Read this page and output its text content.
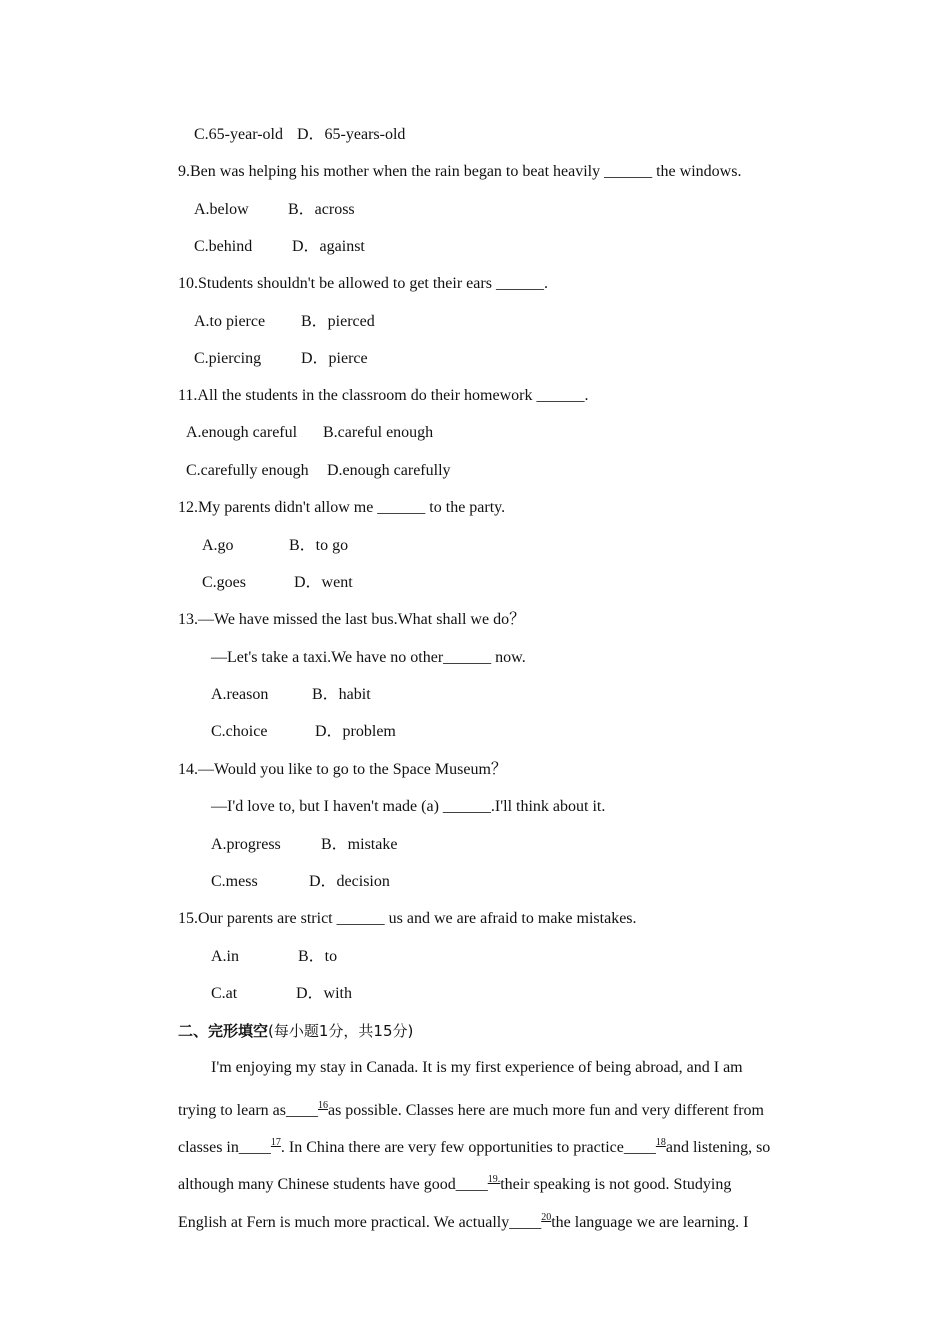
C.65-year-old D．65-years-old
9.Ben was helping his mother when the rain began to beat heavily ______ the windows.
A.below B．across
C.behind D．against
10.Students shouldn't be allowed to get their ears ______.
A.to pierce B．pierced
C.piercing D．pierce
11.All the students in the classroom do their homework ______.
A.enough careful B.careful enough
C.carefully enough D.enough carefully
12.My parents didn't allow me ______ to the party.
A.go	B．to go
C.goes	D．went
13.—We have missed the last bus.What shall we do？
—Let's take a taxi.We have no other______ now.
A.reason	B．habit
C.choice	D．problem
14.—Would you like to go to the Space Museum？
—I'd love to, but I haven't made (a) ______.I'll think about it.
A.progress	B．mistake
C.mess	D．decision
15.Our parents are strict ______ us and we are afraid to make mistakes.
A.in	B．to
C.at	D．with
二、完形填空(每小题1分，共15分)
I'm enjoying my stay in Canada. It is my first experience of being abroad, and I am
trying to learn as____$^{16}$as possible. Classes here are much more fun and very different from
classes in____$^{17}$. In China there are very few opportunities to practice____$^{18}$and listening, so
although many Chinese students have good____$^{19.}$their speaking is not good. Studying
English at Fern is much more practical. We actually____$^{20}$the language we are learning. I
